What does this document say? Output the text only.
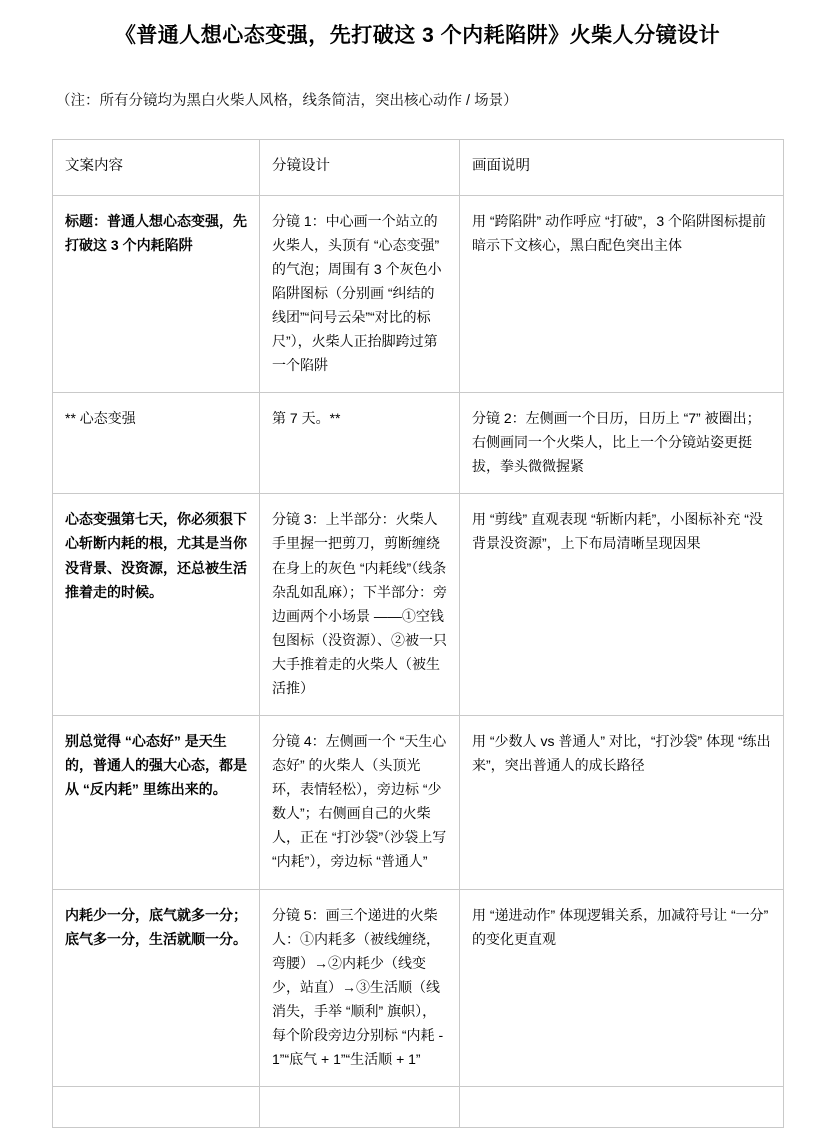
《普通人想心态变强，先打破这 3 个内耗陷阱》火柴人分镜设计

（注：所有分镜均为黑白火柴人风格，线条简洁，突出核心动作 / 场景）

文案内容	分镜设计	画面说明
标题：普通人想心态变强，先打破这 3 个内耗陷阱	分镜 1：中心画一个站立的火柴人，头顶有 “心态变强” 的气泡；周围有 3 个灰色小陷阱图标（分别画 “纠结的线团”“问号云朵”“对比的标尺”），火柴人正抬脚跨过第一个陷阱	用 “跨陷阱” 动作呼应 “打破”，3 个陷阱图标提前暗示下文核心，黑白配色突出主体
** 心态变强	第 7 天。**	分镜 2：左侧画一个日历，日历上 “7” 被圈出；右侧画同一个火柴人，比上一个分镜站姿更挺拔，拳头微微握紧
心态变强第七天，你必须狠下心斩断内耗的根，尤其是当你没背景、没资源，还总被生活推着走的时候。	分镜 3：上半部分：火柴人手里握一把剪刀，剪断缠绕在身上的灰色 “内耗线”（线条杂乱如乱麻）；下半部分：旁边画两个小场景 ——①空钱包图标（没资源）、②被一只大手推着走的火柴人（被生活推）	用 “剪线” 直观表现 “斩断内耗”，小图标补充 “没背景没资源”，上下布局清晰呈现因果
别总觉得 “心态好” 是天生的，普通人的强大心态，都是从 “反内耗” 里练出来的。	分镜 4：左侧画一个 “天生心态好” 的火柴人（头顶光环，表情轻松），旁边标 “少数人”；右侧画自己的火柴人，正在 “打沙袋”（沙袋上写 “内耗”），旁边标 “普通人”	用 “少数人 vs 普通人” 对比，“打沙袋” 体现 “练出来”，突出普通人的成长路径
内耗少一分，底气就多一分；底气多一分，生活就顺一分。	分镜 5：画三个递进的火柴人：①内耗多（被线缠绕，弯腰）→②内耗少（线变少，站直）→③生活顺（线消失，手举 “顺利” 旗帜），每个阶段旁边分别标 “内耗 - 1”“底气 + 1”“生活顺 + 1”	用 “递进动作” 体现逻辑关系，加减符号让 “一分” 的变化更直观
